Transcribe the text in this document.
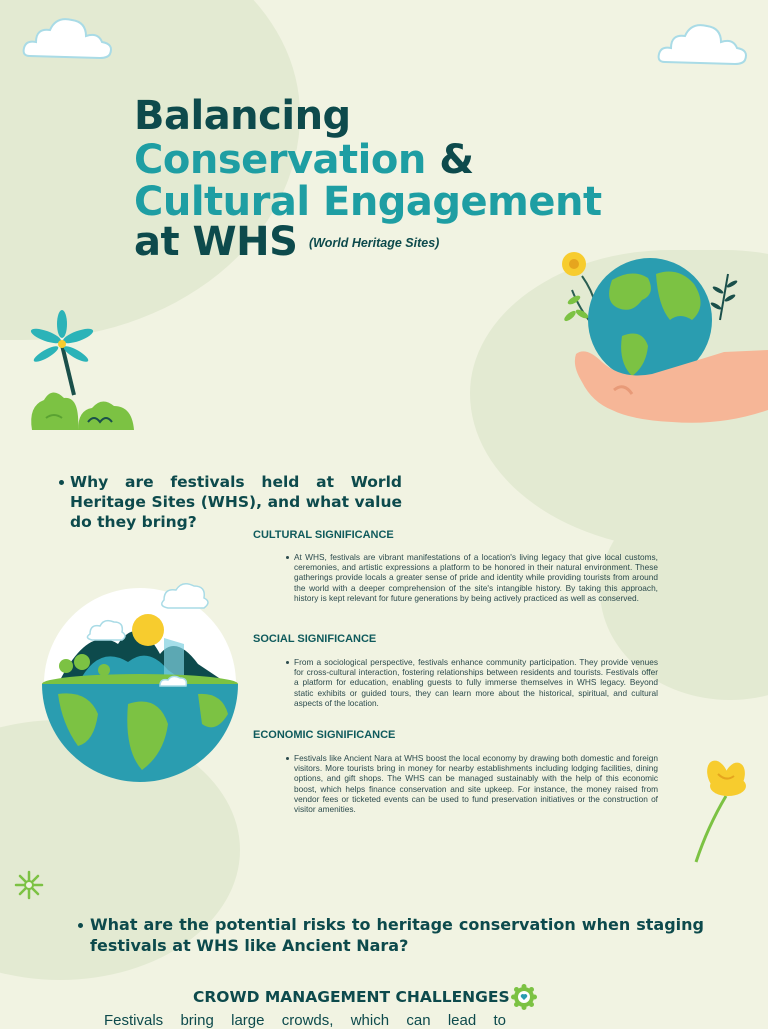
Balancing
Conservation &
Cultural Engagement
at WHS (World Heritage Sites)
Why are festivals held at World Heritage Sites (WHS), and what value do they bring?
CULTURAL SIGNIFICANCE
At WHS, festivals are vibrant manifestations of a location's living legacy that give local customs, ceremonies, and artistic expressions a platform to be honored in their natural environment. These gatherings provide locals a greater sense of pride and identity while providing tourists from around the world with a deeper comprehension of the site's intangible history. By taking this approach, history is kept relevant for future generations by being actively practiced as well as conserved.
SOCIAL SIGNIFICANCE
From a sociological perspective, festivals enhance community participation. They provide venues for cross-cultural interaction, fostering relationships between residents and tourists. Festivals offer a platform for education, enabling guests to fully immerse themselves in WHS legacy. Beyond static exhibits or guided tours, they can learn more about the historical, spiritual, and cultural aspects of the location.
ECONOMIC SIGNIFICANCE
Festivals like Ancient Nara at WHS boost the local economy by drawing both domestic and foreign visitors. More tourists bring in money for nearby establishments including lodging facilities, dining options, and gift shops. The WHS can be managed sustainably with the help of this economic boost, which helps finance conservation and site upkeep. For instance, the money raised from vendor fees or ticketed events can be used to fund preservation initiatives or the construction of visitor amenities.
What are the potential risks to heritage conservation when staging festivals at WHS like Ancient Nara?
CROWD MANAGEMENT CHALLENGES
Festivals bring large crowds, which can lead to
